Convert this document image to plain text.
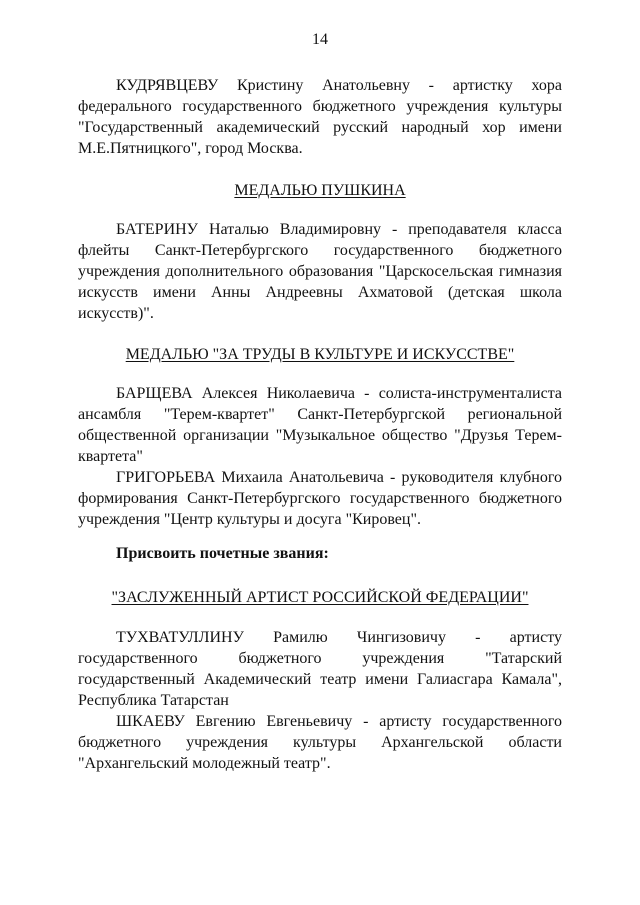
14

КУДРЯВЦЕВУ Кристину Анатольевну - артистку хора федерального государственного бюджетного учреждения культуры "Государственный академический русский народный хор имени М.Е.Пятницкого", город Москва.

МЕДАЛЬЮ ПУШКИНА

БАТЕРИНУ Наталью Владимировну - преподавателя класса флейты Санкт-Петербургского государственного бюджетного учреждения дополнительного образования "Царскосельская гимназия искусств имени Анны Андреевны Ахматовой (детская школа искусств)".

МЕДАЛЬЮ "ЗА ТРУДЫ В КУЛЬТУРЕ И ИСКУССТВЕ"

БАРЩЕВА Алексея Николаевича - солиста-инструменталиста ансамбля "Терем-квартет" Санкт-Петербургской региональной общественной организации "Музыкальное общество "Друзья Терем-квартета"

ГРИГОРЬЕВА Михаила Анатольевича - руководителя клубного формирования Санкт-Петербургского государственного бюджетного учреждения "Центр культуры и досуга "Кировец".

Присвоить почетные звания:
"ЗАСЛУЖЕННЫЙ АРТИСТ РОССИЙСКОЙ ФЕДЕРАЦИИ"

ТУХВАТУЛЛИНУ Рамилю Чингизовичу - артисту государственного бюджетного учреждения "Татарский государственный Академический театр имени Галиасгара Камала", Республика Татарстан

ШКАЕВУ Евгению Евгеньевичу - артисту государственного бюджетного учреждения культуры Архангельской области "Архангельский молодежный театр".
